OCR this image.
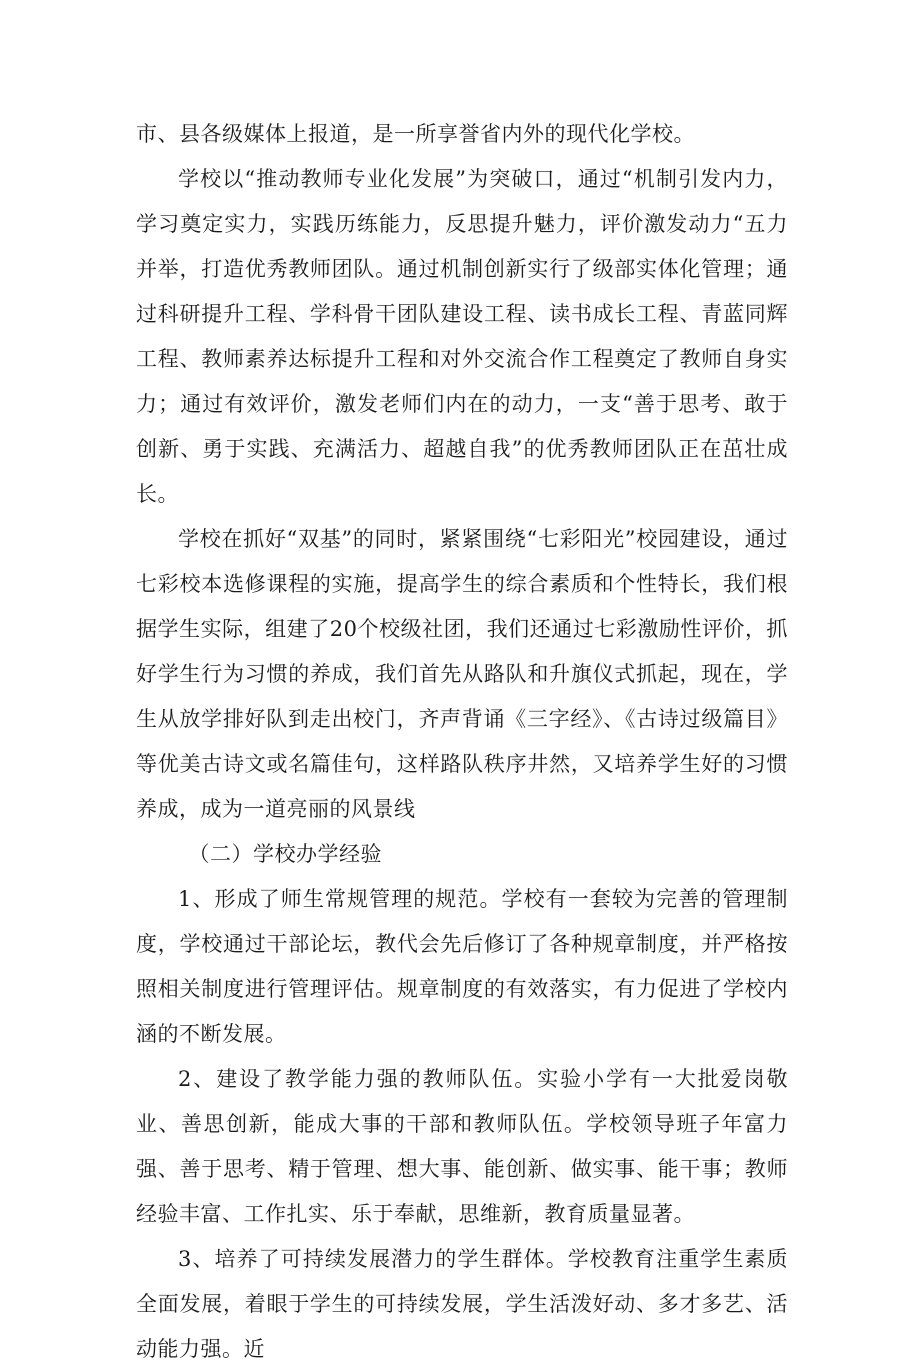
市、县各级媒体上报道，是一所享誉省内外的现代化学校。

学校以“推动教师专业化发展”为突破口，通过“机制引发内力，学习奠定实力，实践历练能力，反思提升魅力，评价激发动力“五力并举，打造优秀教师团队。通过机制创新实行了级部实体化管理；通过科研提升工程、学科骨干团队建设工程、读书成长工程、青蓝同辉工程、教师素养达标提升工程和对外交流合作工程奠定了教师自身实力；通过有效评价，激发老师们内在的动力，一支“善于思考、敢于创新、勇于实践、充满活力、超越自我”的优秀教师团队正在茁壮成长。

学校在抓好“双基”的同时，紧紧围绕“七彩阳光”校园建设，通过七彩校本选修课程的实施，提高学生的综合素质和个性特长，我们根据学生实际，组建了20个校级社团，我们还通过七彩激励性评价，抓好学生行为习惯的养成，我们首先从路队和升旗仪式抓起，现在，学生从放学排好队到走出校门，齐声背诵《三字经》、《古诗过级篇目》等优美古诗文或名篇佳句，这样路队秩序井然，又培养学生好的习惯养成，成为一道亮丽的风景线

（二）学校办学经验

1、形成了师生常规管理的规范。学校有一套较为完善的管理制度，学校通过干部论坛，教代会先后修订了各种规章制度，并严格按照相关制度进行管理评估。规章制度的有效落实，有力促进了学校内涵的不断发展。

2、建设了教学能力强的教师队伍。实验小学有一大批爱岗敬业、善思创新，能成大事的干部和教师队伍。学校领导班子年富力强、善于思考、精于管理、想大事、能创新、做实事、能干事；教师经验丰富、工作扎实、乐于奉献，思维新，教育质量显著。

3、培养了可持续发展潜力的学生群体。学校教育注重学生素质全面发展，着眼于学生的可持续发展，学生活泼好动、多才多艺、活动能力强。近
